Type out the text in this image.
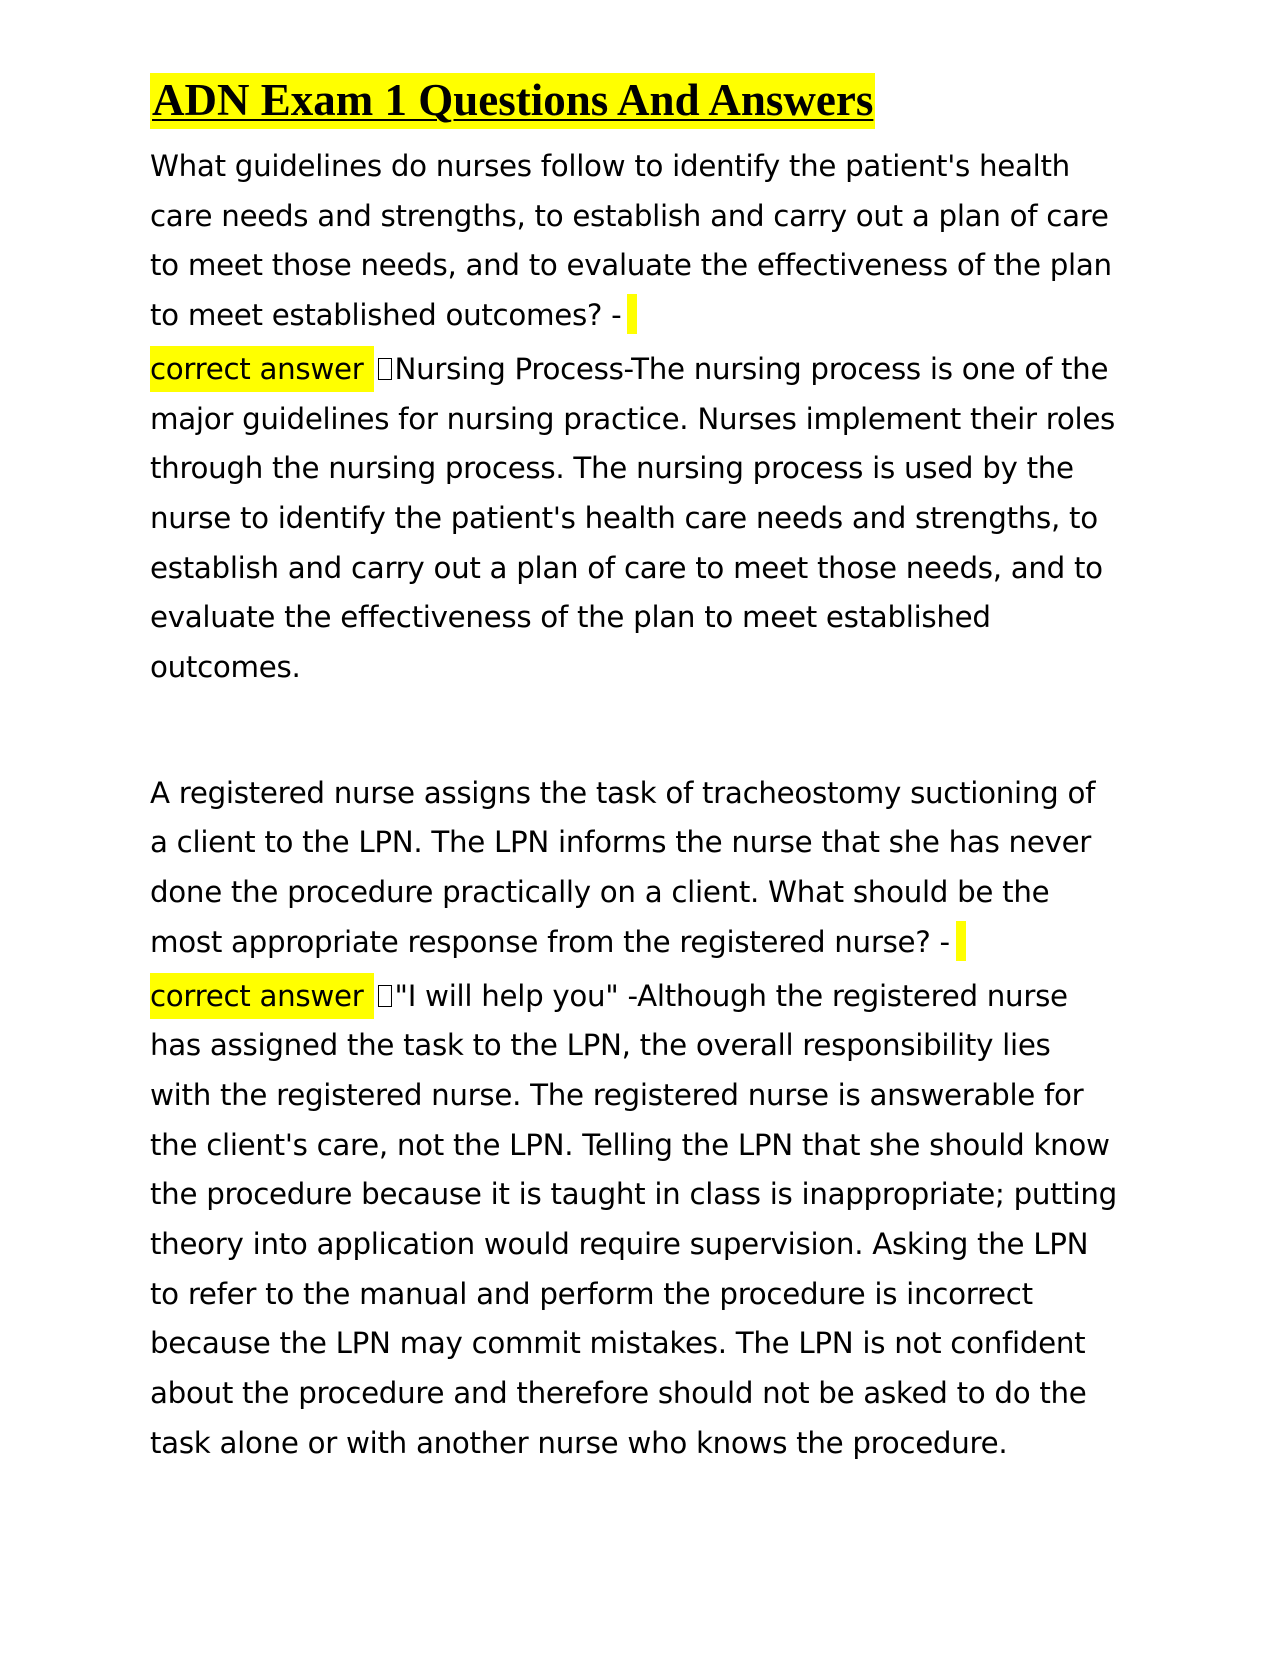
ADN Exam 1 Questions And Answers
What guidelines do nurses follow to identify the patient's health care needs and strengths, to establish and carry out a plan of care to meet those needs, and to evaluate the effectiveness of the plan to meet established outcomes? -
correct answer Nursing Process-The nursing process is one of the major guidelines for nursing practice. Nurses implement their roles through the nursing process. The nursing process is used by the nurse to identify the patient's health care needs and strengths, to establish and carry out a plan of care to meet those needs, and to evaluate the effectiveness of the plan to meet established outcomes.
A registered nurse assigns the task of tracheostomy suctioning of a client to the LPN. The LPN informs the nurse that she has never done the procedure practically on a client. What should be the most appropriate response from the registered nurse? -
correct answer "I will help you" -Although the registered nurse has assigned the task to the LPN, the overall responsibility lies with the registered nurse. The registered nurse is answerable for the client's care, not the LPN. Telling the LPN that she should know the procedure because it is taught in class is inappropriate; putting theory into application would require supervision. Asking the LPN to refer to the manual and perform the procedure is incorrect because the LPN may commit mistakes. The LPN is not confident about the procedure and therefore should not be asked to do the task alone or with another nurse who knows the procedure.
